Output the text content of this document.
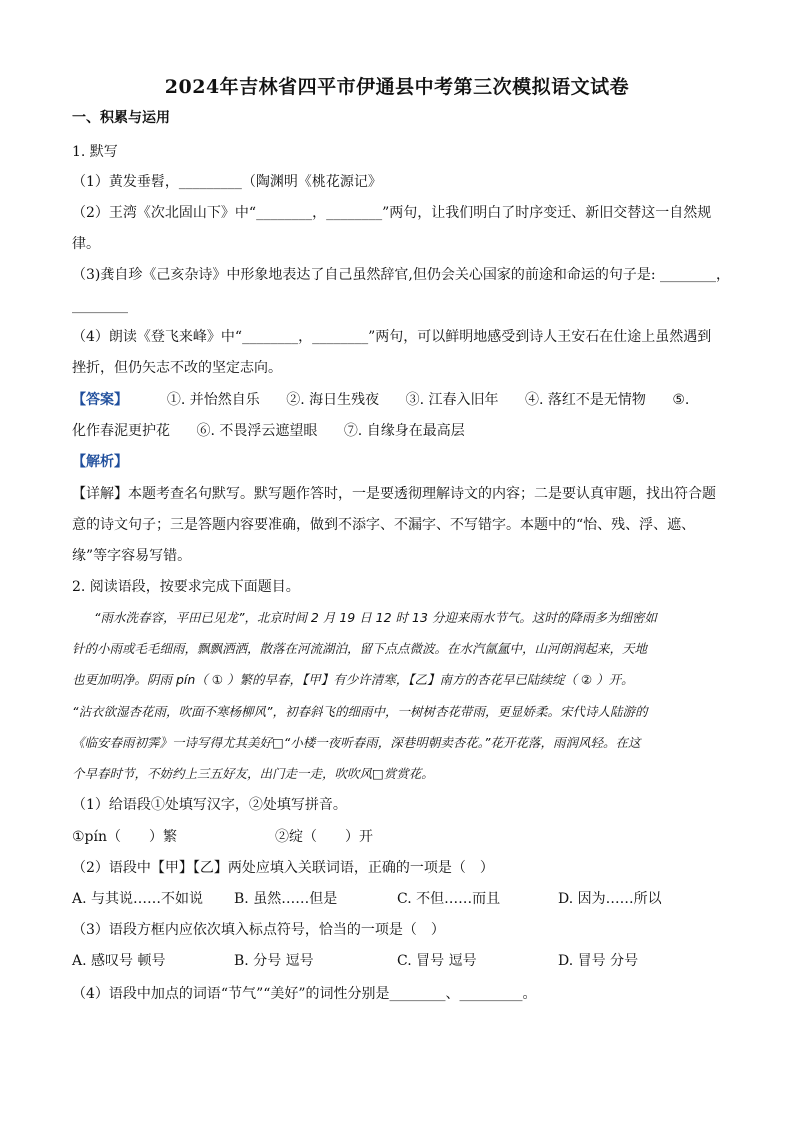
2024年吉林省四平市伊通县中考第三次模拟语文试卷
一、积累与运用
1. 默写
（1）黄发垂髫，_________（陶渊明《桃花源记》
（2）王湾《次北固山下》中“________，________”两句，让我们明白了时序变迁、新旧交替这一自然规
律。
（3)龚自珍《己亥杂诗》中形象地表达了自己虽然辞官,但仍会关心国家的前途和命运的句子是: ________，
________
（4）朗读《登飞来峰》中“________，________”两句，可以鲜明地感受到诗人王安石在仕途上虽然遇到
挫折，但仍矢志不改的坚定志向。
【答案】	①. 并怡然自乐 ②. 海日生残夜 ③. 江春入旧年 ④. 落红不是无情物 ⑤.
化作春泥更护花 ⑥. 不畏浮云遮望眼 ⑦. 自缘身在最高层
【解析】
【详解】本题考查名句默写。默写题作答时，一是要透彻理解诗文的内容；二是要认真审题，找出符合题
意的诗文句子；三是答题内容要准确，做到不添字、不漏字、不写错字。本题中的“怡、残、浮、遮、
缘”等字容易写错。
2. 阅读语段，按要求完成下面题目。
“雨水洗春容，平田已见龙”，北京时间 2 月 19 日 12 时 13 分迎来雨水节气。这时的降雨多为细密如
针的小雨或毛毛细雨，飘飘洒洒，散落在河流湖泊，留下点点微波。在水汽氤氲中，山河朗润起来，天地
也更加明净。阴雨 pín（ ① ）繁的早春，【甲】有少许清寒，【乙】南方的杏花早已陆续绽（ ② ）开。
“沾衣欲湿杏花雨，吹面不寒杨柳风”，初春斜飞的细雨中，一树树杏花带雨，更显娇柔。宋代诗人陆游的
《临安春雨初霁》一诗写得尤其美好□“小楼一夜听春雨，深巷明朝卖杏花。”花开花落，雨润风轻。在这
个早春时节，不妨约上三五好友，出门走一走，吹吹风□赏赏花。
（1）给语段①处填写汉字，②处填写拼音。
①pín（　　）繁	②绽（　　）开
（2）语段中【甲】【乙】两处应填入关联词语，正确的一项是（　）
A. 与其说……不如说 B. 虽然……但是	C. 不但……而且	D. 因为……所以
（3）语段方框内应依次填入标点符号，恰当的一项是（　）
A. 感叹号 顿号	B. 分号 逗号	C. 冒号 逗号	D. 冒号 分号
（4）语段中加点的词语“节气”“美好”的词性分别是________、_________。
